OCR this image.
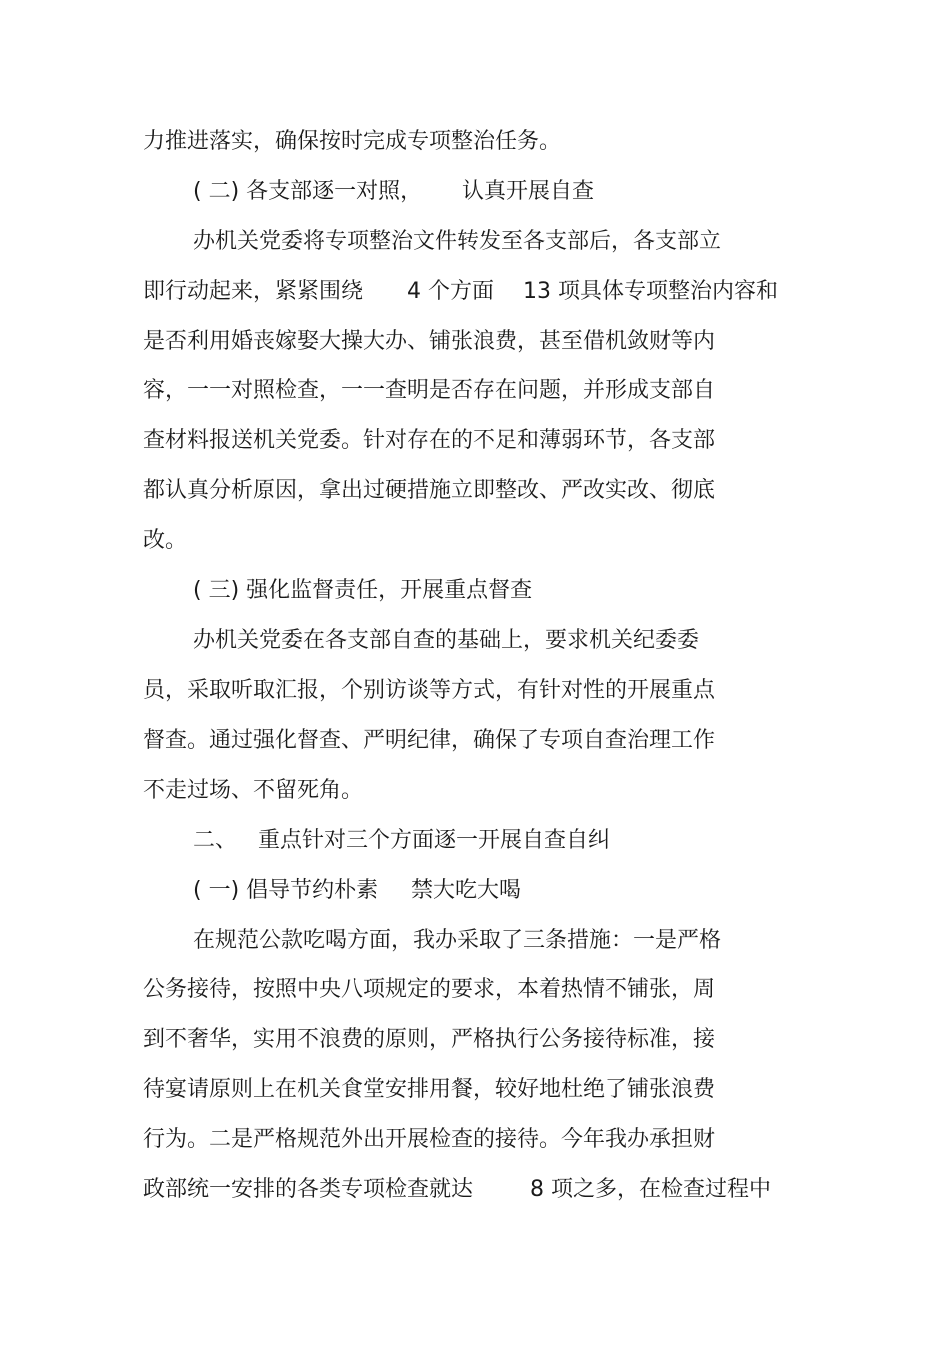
力推进落实，确保按时完成专项整治任务。
( 二) 各支部逐一对照， 认真开展自查
办机关党委将专项整治文件转发至各支部后，各支部立
即行动起来，紧紧围绕 4 个方面 13 项具体专项整治内容和
是否利用婚丧嫁娶大操大办、铺张浪费，甚至借机敛财等内
容，一一对照检查，一一查明是否存在问题，并形成支部自
查材料报送机关党委。针对存在的不足和薄弱环节，各支部
都认真分析原因，拿出过硬措施立即整改、严改实改、彻底
改。
( 三) 强化监督责任，开展重点督查
办机关党委在各支部自查的基础上，要求机关纪委委
员，采取听取汇报，个别访谈等方式，有针对性的开展重点
督查。通过强化督查、严明纪律，确保了专项自查治理工作
不走过场、不留死角。
二、 重点针对三个方面逐一开展自查自纠
( 一) 倡导节约朴素 禁大吃大喝
在规范公款吃喝方面，我办采取了三条措施：一是严格
公务接待，按照中央八项规定的要求，本着热情不铺张，周
到不奢华，实用不浪费的原则，严格执行公务接待标准，接
待宴请原则上在机关食堂安排用餐，较好地杜绝了铺张浪费
行为。二是严格规范外出开展检查的接待。今年我办承担财
政部统一安排的各类专项检查就达	8 项之多，在检查过程中
